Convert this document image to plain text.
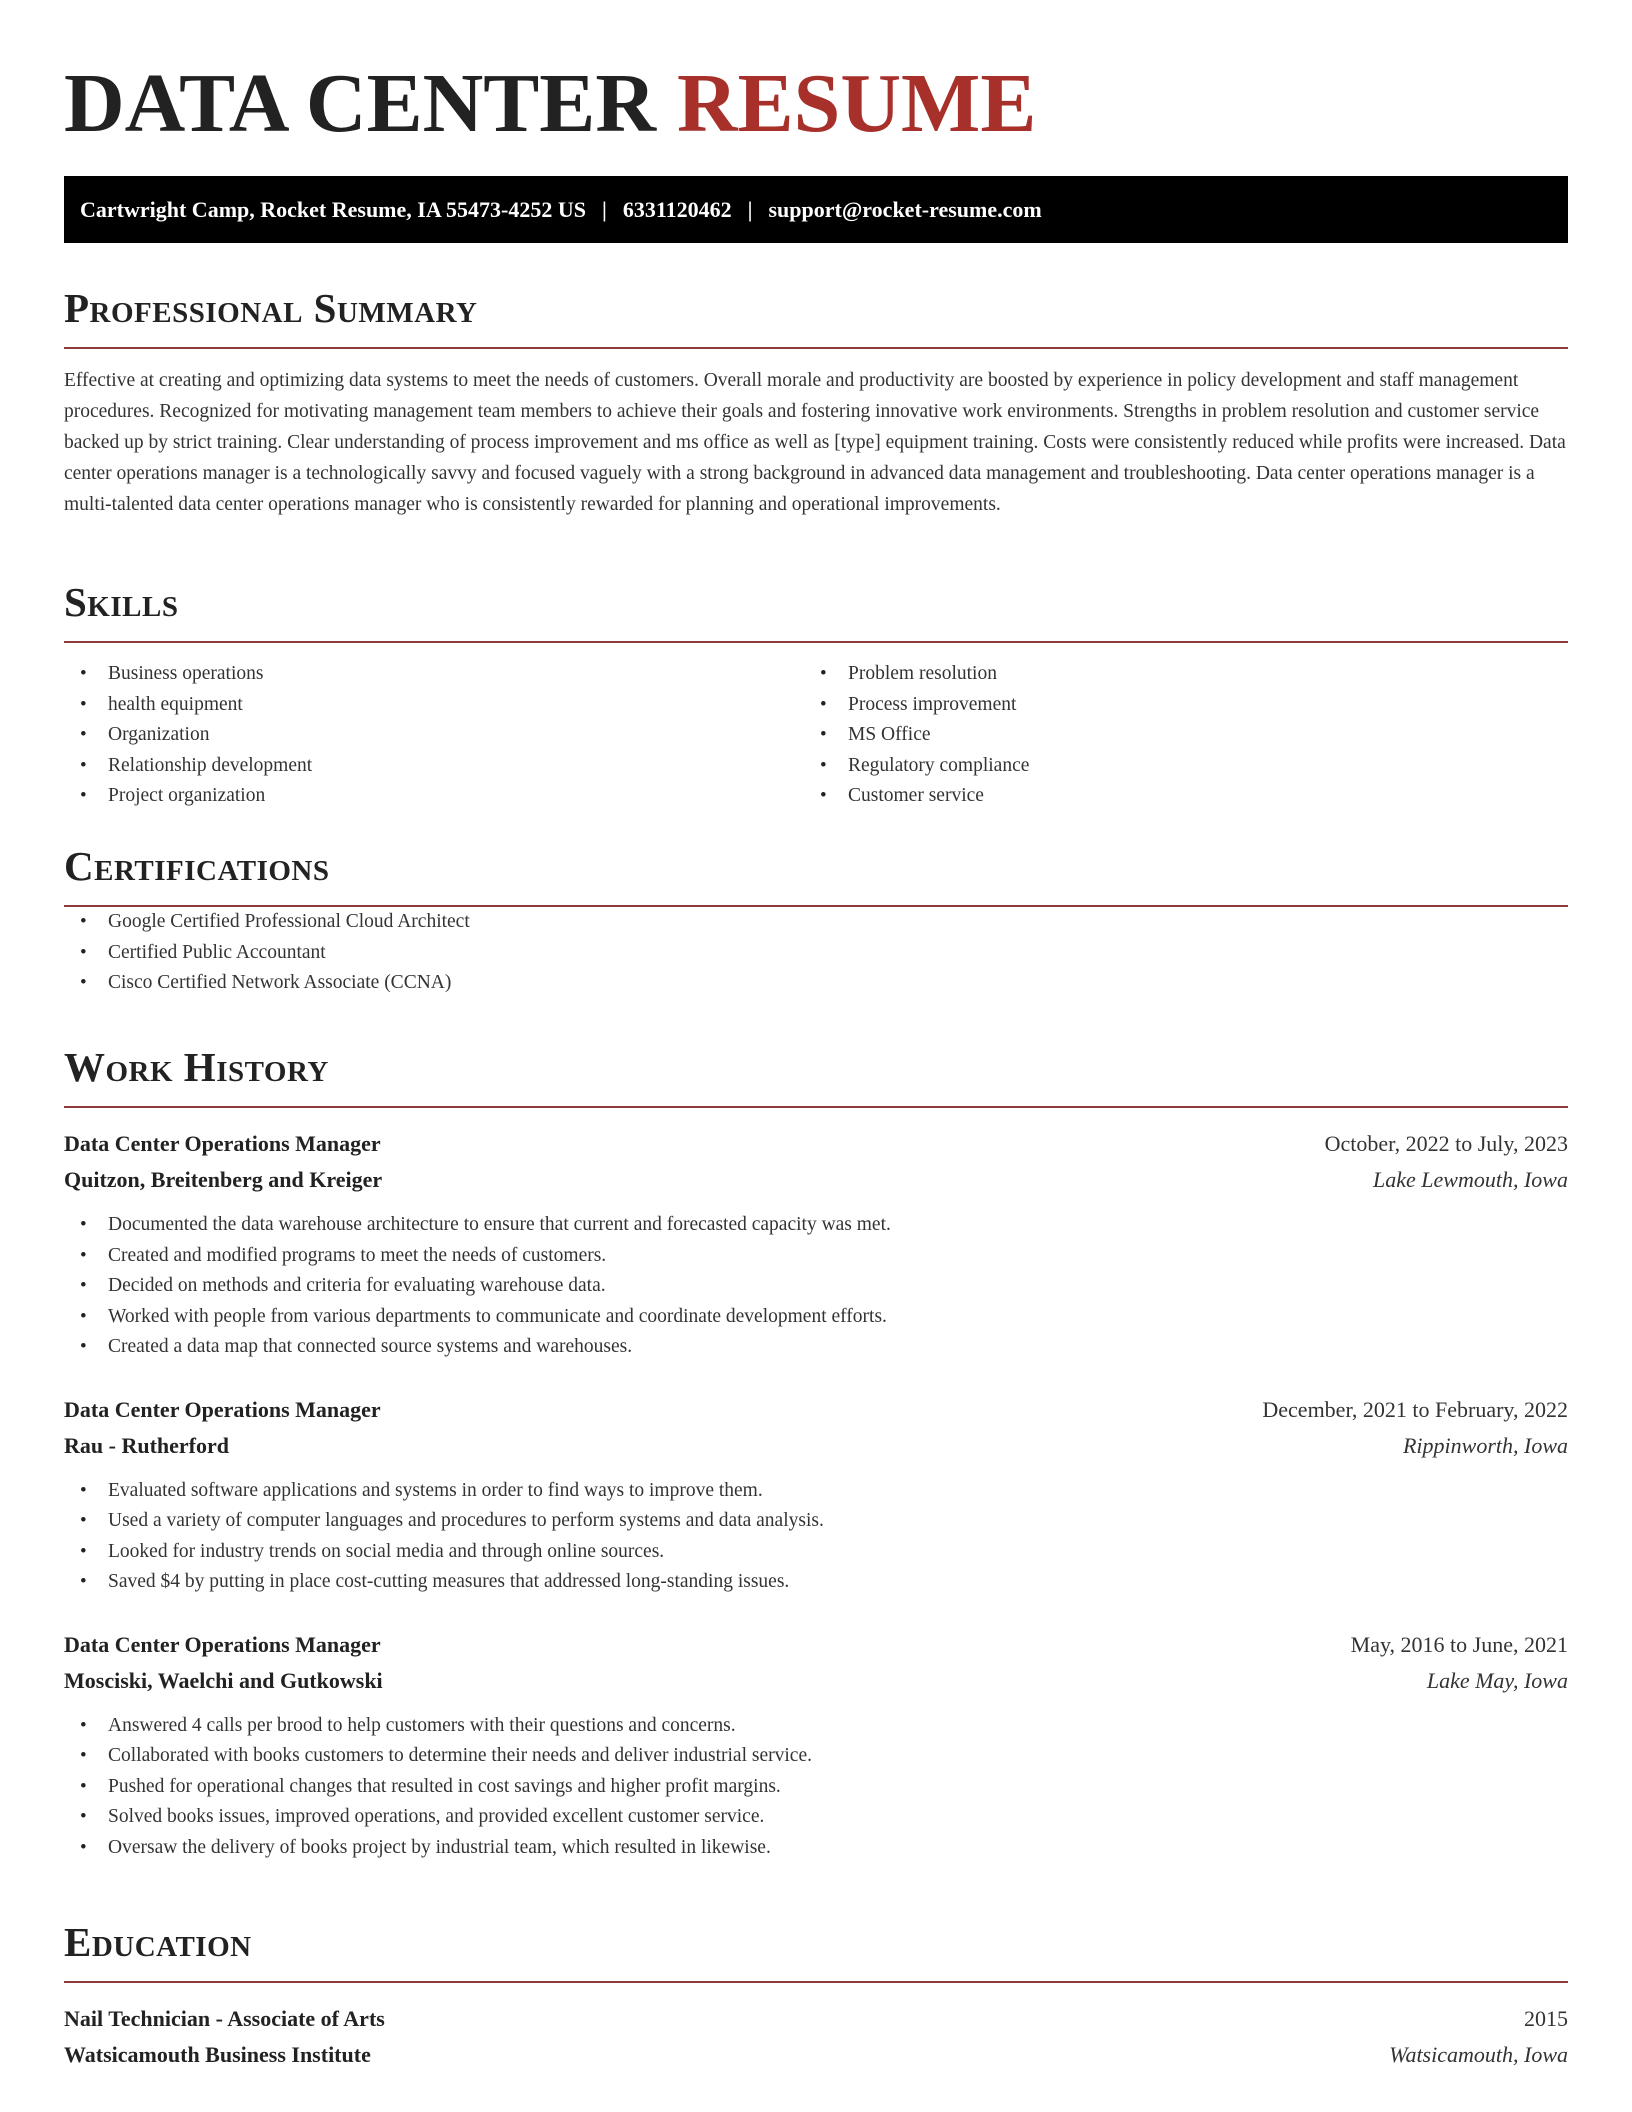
DATA CENTER RESUME
Cartwright Camp, Rocket Resume, IA 55473-4252 US | 6331120462 | support@rocket-resume.com
Professional Summary

Effective at creating and optimizing data systems to meet the needs of customers. Overall morale and productivity are boosted by experience in policy development and staff management procedures. Recognized for motivating management team members to achieve their goals and fostering innovative work environments. Strengths in problem resolution and customer service backed up by strict training. Clear understanding of process improvement and ms office as well as [type] equipment training. Costs were consistently reduced while profits were increased. Data center operations manager is a technologically savvy and focused vaguely with a strong background in advanced data management and troubleshooting. Data center operations manager is a multi-talented data center operations manager who is consistently rewarded for planning and operational improvements.

Skills
• Business operations
• health equipment
• Organization
• Relationship development
• Project organization
• Problem resolution
• Process improvement
• MS Office
• Regulatory compliance
• Customer service
Certifications
• Google Certified Professional Cloud Architect
• Certified Public Accountant
• Cisco Certified Network Associate (CCNA)
Work History
Data Center Operations Manager	October, 2022 to July, 2023
Quitzon, Breitenberg and Kreiger	Lake Lewmouth, Iowa
• Documented the data warehouse architecture to ensure that current and forecasted capacity was met.
• Created and modified programs to meet the needs of customers.
• Decided on methods and criteria for evaluating warehouse data.
• Worked with people from various departments to communicate and coordinate development efforts.
• Created a data map that connected source systems and warehouses.
Data Center Operations Manager	December, 2021 to February, 2022
Rau - Rutherford	Rippinworth, Iowa
• Evaluated software applications and systems in order to find ways to improve them.
• Used a variety of computer languages and procedures to perform systems and data analysis.
• Looked for industry trends on social media and through online sources.
• Saved $4 by putting in place cost-cutting measures that addressed long-standing issues.
Data Center Operations Manager	May, 2016 to June, 2021
Mosciski, Waelchi and Gutkowski	Lake May, Iowa
• Answered 4 calls per brood to help customers with their questions and concerns.
• Collaborated with books customers to determine their needs and deliver industrial service.
• Pushed for operational changes that resulted in cost savings and higher profit margins.
• Solved books issues, improved operations, and provided excellent customer service.
• Oversaw the delivery of books project by industrial team, which resulted in likewise.
Education
Nail Technician - Associate of Arts	2015
Watsicamouth Business Institute	Watsicamouth, Iowa
